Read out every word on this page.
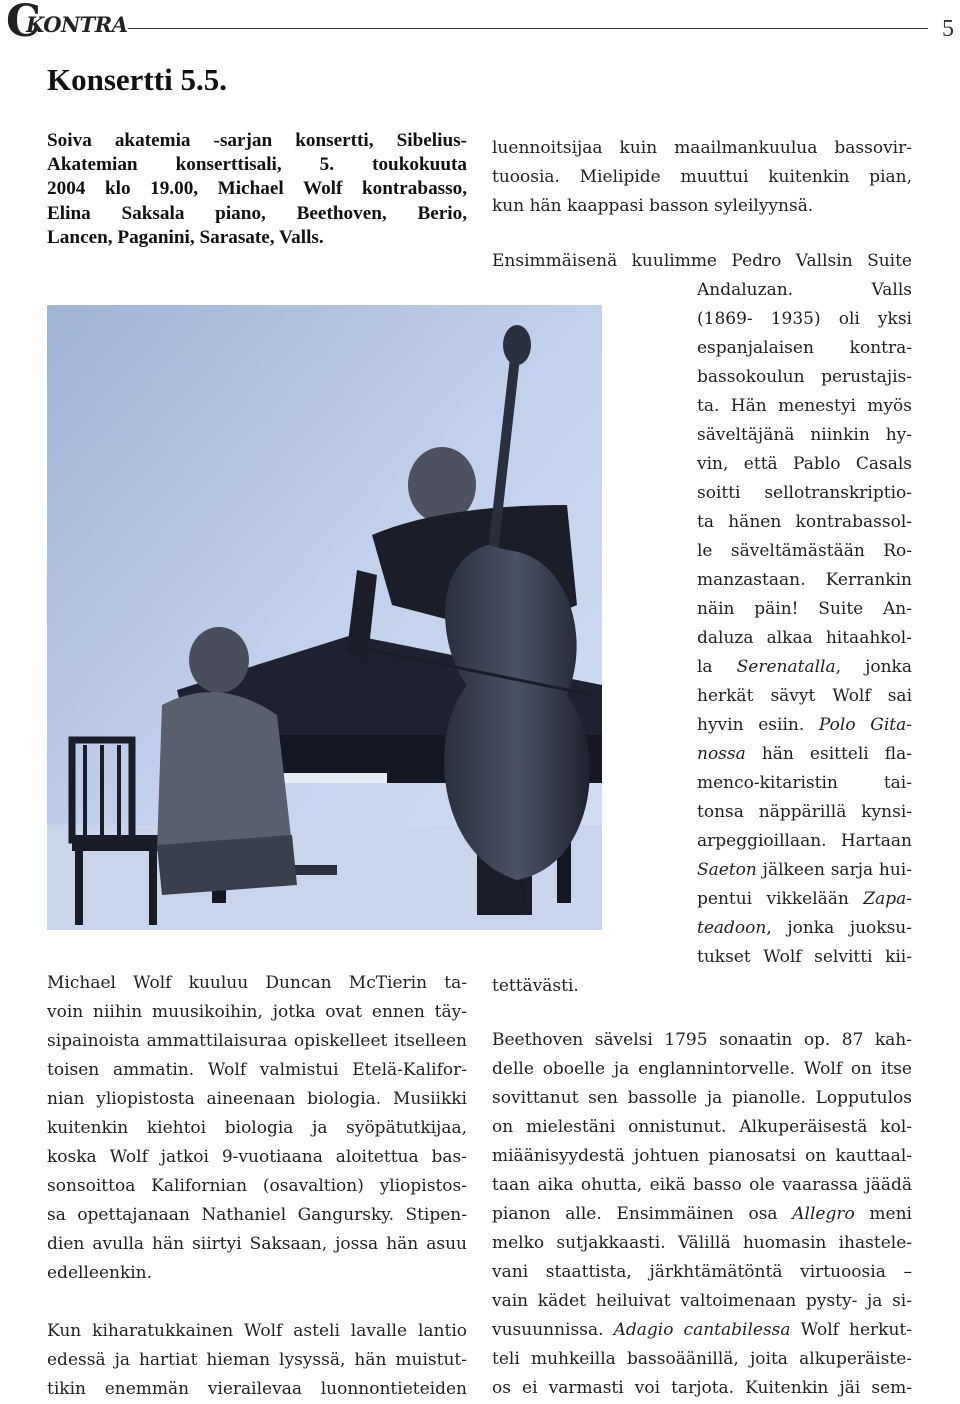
C
KONTRA	5
Konsertti 5.5.
Soiva akatemia -sarjan konsertti, Sibelius-
Akatemian konserttisali, 5. toukokuuta
2004 klo 19.00, Michael Wolf kontrabasso,
Elina Saksala piano, Beethoven, Berio,
Lancen, Paganini, Sarasate, Valls.
Michael Wolf kuuluu Duncan McTierin ta-
voin niihin muusikoihin, jotka ovat ennen täy-
sipainoista ammattilaisuraa opiskelleet itselleen
toisen ammatin. Wolf valmistui Etelä-Kalifor-
nian yliopistosta aineenaan biologia. Musiikki
kuitenkin kiehtoi biologia ja syöpätutkijaa,
koska Wolf jatkoi 9-vuotiaana aloitettua bas-
sonsoittoa Kalifornian (osavaltion) yliopistos-
sa opettajanaan Nathaniel Gangursky. Stipen-
dien avulla hän siirtyi Saksaan, jossa hän asuu
edelleenkin.
Kun kiharatukkainen Wolf asteli lavalle lantio
edessä ja hartiat hieman lysyssä, hän muistut-
tikin enemmän vierailevaa luonnontieteiden
luennoitsijaa kuin maailmankuulua bassovir-
tuoosia. Mielipide muuttui kuitenkin pian,
kun hän kaappasi basson syleilyynsä.
Ensimmäisenä kuulimme Pedro Vallsin Suite
Andaluzan. Valls
(1869- 1935) oli yksi
espanjalaisen kontra-
bassokoulun perustajis-
ta. Hän menestyi myös
säveltäjänä niinkin hy-
vin, että Pablo Casals
soitti sellotranskriptio-
ta hänen kontrabassol-
le säveltämästään Ro-
manzastaan. Kerrankin
näin päin! Suite An-
daluza alkaa hitaahkol-
la Serenatalla, jonka
herkät sävyt Wolf sai
hyvin esiin. Polo Gita-
nossa hän esitteli fla-
menco-kitaristin tai-
tonsa näppärillä kynsi-
arpeggioillaan. Hartaan
Saeton jälkeen sarja hui-
pentui vikkelään Zapa-
teadoon, jonka juoksu-
tukset Wolf selvitti kii-
tettävästi.
Beethoven sävelsi 1795 sonaatin op. 87 kah-
delle oboelle ja englannintorvelle. Wolf on itse
sovittanut sen bassolle ja pianolle. Lopputulos
on mielestäni onnistunut. Alkuperäisestä kol-
miäänisyydestä johtuen pianosatsi on kauttaal-
taan aika ohutta, eikä basso ole vaarassa jäädä
pianon alle. Ensimmäinen osa Allegro meni
melko sutjakkaasti. Välillä huomasin ihastele-
vani staattista, järkhtämätöntä virtuoosia –
vain kädet heiluivat valtoimenaan pysty- ja si-
vusuunnissa. Adagio cantabilessa Wolf herkut-
teli muhkeilla bassoäänillä, joita alkuperäiste-
os ei varmasti voi tarjota. Kuitenkin jäi sem-
